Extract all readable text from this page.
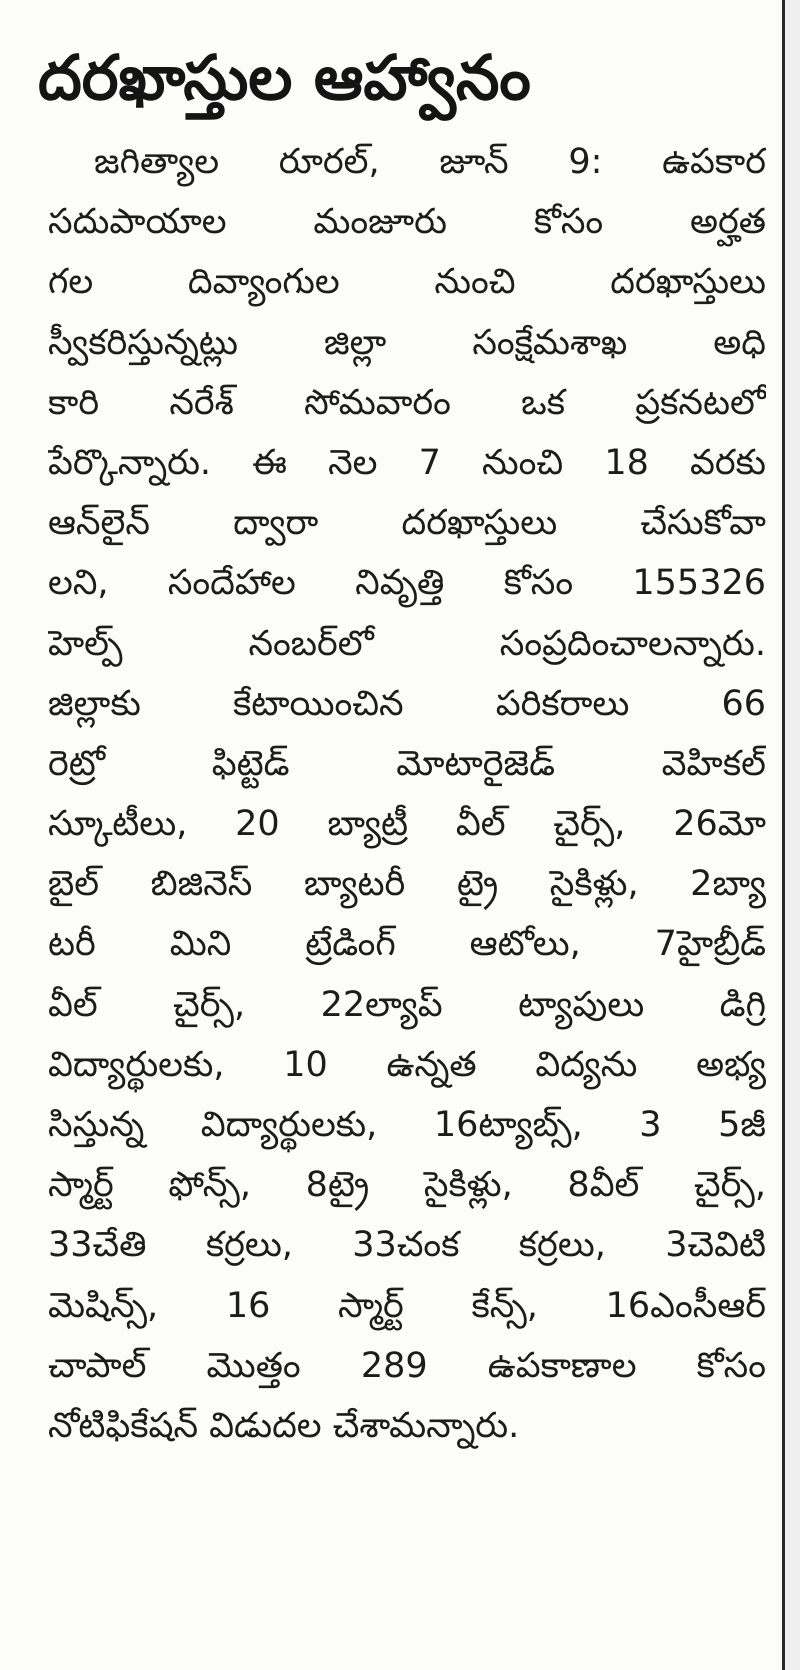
దరఖాస్తుల ఆహ్వానం
జగిత్యాల రూరల్‌, జూన్‌ 9: ఉపకార
సదుపాయాల మంజూరు కోసం అర్హత
గల దివ్యాంగుల నుంచి దరఖాస్తులు
స్వీకరిస్తున్నట్లు జిల్లా సంక్షేమశాఖ అధి
కారి నరేశ్‌ సోమవారం ఒక ప్రకనటలో
పేర్కొన్నారు. ఈ నెల 7 నుంచి 18 వరకు
ఆన్‌లైన్‌ ద్వారా దరఖాస్తులు చేసుకోవా
లని, సందేహాల నివృత్తి కోసం 155326
హెల్ప్‌ నంబర్‌లో సంప్రదించాలన్నారు.
జిల్లాకు కేటాయించిన పరికరాలు 66
రెట్రో ఫిట్టెడ్‌ మోటారైజెడ్‌ వెహికల్‌
స్కూటీలు, 20 బ్యాట్రీ వీల్‌ చైర్స్‌, 26మో
బైల్‌ బిజినెస్‌ బ్యాటరీ ట్రై సైకిళ్లు, 2బ్యా
టరీ మిని ట్రేడింగ్‌ ఆటోలు, 7హైబ్రీడ్‌
వీల్‌ చైర్స్‌, 22ల్యాప్‌ ట్యాపులు డిగ్రి
విద్యార్థులకు, 10 ఉన్నత విద్యను అభ్య
సిస్తున్న విద్యార్థులకు, 16ట్యాబ్స్‌, 3 5జీ
స్మార్ట్‌ ఫోన్స్‌, 8ట్రై సైకిళ్లు, 8వీల్‌ చైర్స్‌,
33చేతి కర్రలు, 33చంక కర్రలు, 3చెవిటి
మెషిన్స్‌, 16 స్మార్ట్‌ కేన్స్‌, 16ఎంసీఆర్‌
చాపాల్‌ మొత్తం 289 ఉపకాణాల కోసం
నోటిఫికేషన్‌ విడుదల చేశామన్నారు.
